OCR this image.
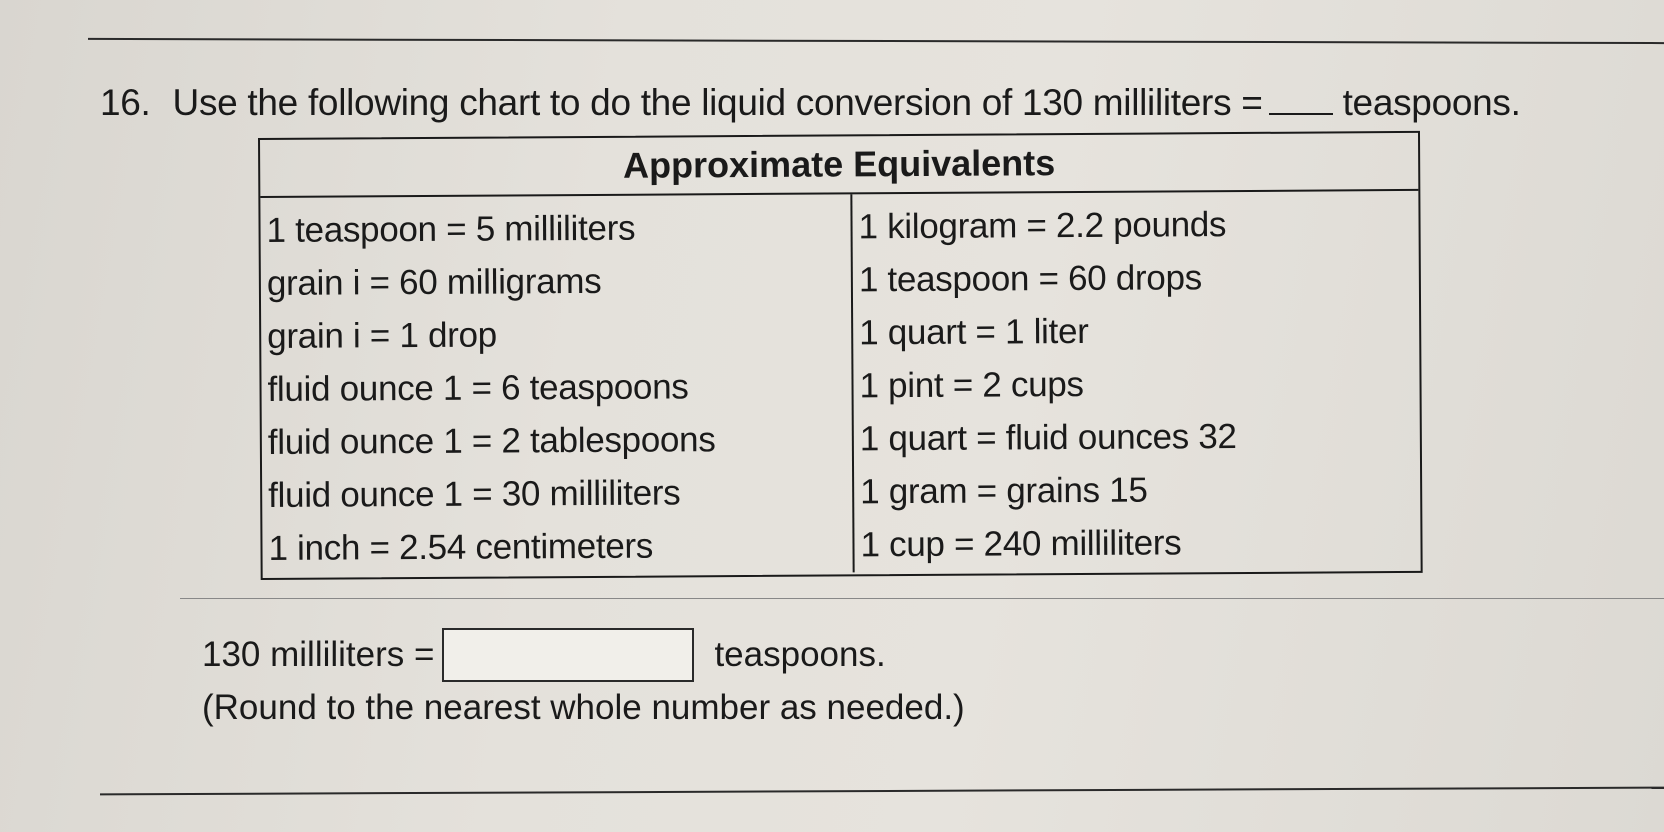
16. Use the following chart to do the liquid conversion of 130 milliliters = teaspoons.
Approximate Equivalents
1 teaspoon = 5 milliliters
grain i = 60 milligrams
grain i = 1 drop
fluid ounce 1 = 6 teaspoons
fluid ounce 1 = 2 tablespoons
fluid ounce 1 = 30 milliliters
1 inch = 2.54 centimeters
1 kilogram = 2.2 pounds
1 teaspoon = 60 drops
1 quart = 1 liter
1 pint = 2 cups
1 quart = fluid ounces 32
1 gram = grains 15
1 cup = 240 milliliters
130 milliliters =	teaspoons.
(Round to the nearest whole number as needed.)
